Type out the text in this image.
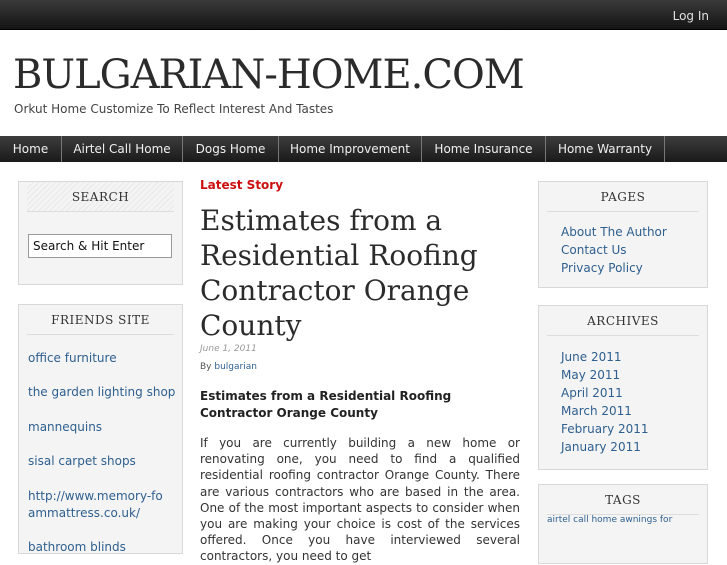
Log In
BULGARIAN-HOME.COM
Orkut Home Customize To Reflect Interest And Tastes
Home	Airtel Call Home	Dogs Home	Home Improvement	Home Insurance	Home Warranty
SEARCH
Search & Hit Enter
FRIENDS SITE
office furniture
the garden lighting shop
mannequins
sisal carpet shops
http://www.memory-foammattress.co.uk/
bathroom blinds
Latest Story
Estimates from a Residential Roofing Contractor Orange County
June 1, 2011
By bulgarian
Estimates from a Residential Roofing Contractor Orange County
If you are currently building a new home or renovating one, you need to find a qualified residential roofing contractor Orange County. There are various contractors who are based in the area. One of the most important aspects to consider when you are making your choice is cost of the services offered. Once you have interviewed several contractors, you need to get
PAGES
About The Author
Contact Us
Privacy Policy
ARCHIVES
June 2011
May 2011
April 2011
March 2011
February 2011
January 2011
TAGS
airtel call home awnings for
